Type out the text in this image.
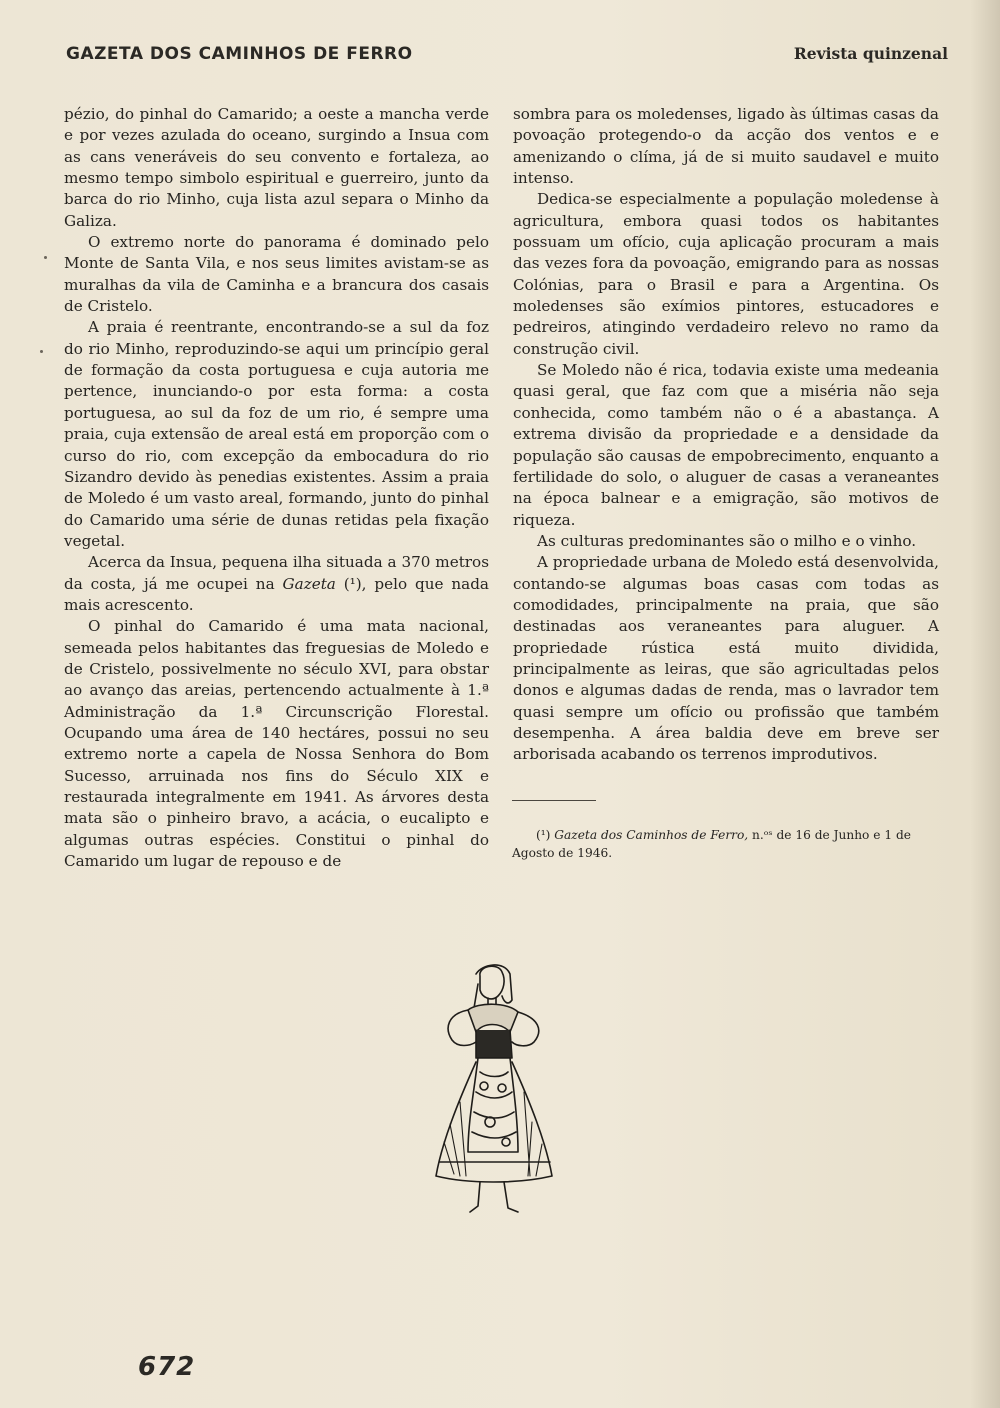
GAZETA DOS CAMINHOS DE FERRO	Revista quinzenal

pézio, do pinhal do Camarido; a oeste a mancha verde e por vezes azulada do oceano, surgindo a Insua com as cans veneráveis do seu convento e fortaleza, ao mesmo tempo simbolo espiritual e guerreiro, junto da barca do rio Minho, cuja lista azul separa o Minho da Galiza.

O extremo norte do panorama é dominado pelo Monte de Santa Vila, e nos seus limites avistam-se as muralhas da vila de Caminha e a brancura dos casais de Cristelo.

A praia é reentrante, encontrando-se a sul da foz do rio Minho, reproduzindo-se aqui um princípio geral de formação da costa portuguesa e cuja autoria me pertence, inunciando-o por esta forma: a costa portuguesa, ao sul da foz de um rio, é sempre uma praia, cuja extensão de areal está em proporção com o curso do rio, com excepção da embocadura do rio Sizandro devido às penedias existentes. Assim a praia de Moledo é um vasto areal, formando, junto do pinhal do Camarido uma série de dunas retidas pela fixação vegetal.

Acerca da Insua, pequena ilha situada a 370 metros da costa, já me ocupei na Gazeta (¹), pelo que nada mais acrescento.

O pinhal do Camarido é uma mata nacional, semeada pelos habitantes das freguesias de Moledo e de Cristelo, possivelmente no século XVI, para obstar ao avanço das areias, pertencendo actualmente à 1.ª Administração da 1.ª Circunscrição Florestal. Ocupando uma área de 140 hectáres, possui no seu extremo norte a capela de Nossa Senhora do Bom Sucesso, arruinada nos fins do Século XIX e restaurada integralmente em 1941. As árvores desta mata são o pinheiro bravo, a acácia, o eucalipto e algumas outras espécies. Constitui o pinhal do Camarido um lugar de repouso e de

sombra para os moledenses, ligado às últimas casas da povoação protegendo-o da acção dos ventos e e amenizando o clíma, já de si muito saudavel e muito intenso.

Dedica-se especialmente a população moledense à agricultura, embora quasi todos os habitantes possuam um ofício, cuja aplicação procuram a mais das vezes fora da povoação, emigrando para as nossas Colónias, para o Brasil e para a Argentina. Os moledenses são exímios pintores, estucadores e pedreiros, atingindo verdadeiro relevo no ramo da construção civil.

Se Moledo não é rica, todavia existe uma medeania quasi geral, que faz com que a miséria não seja conhecida, como também não o é a abastança. A extrema divisão da propriedade e a densidade da população são causas de empobrecimento, enquanto a fertilidade do solo, o aluguer de casas a veraneantes na época balnear e a emigração, são motivos de riqueza.

As culturas predominantes são o milho e o vinho.

A propriedade urbana de Moledo está desenvolvida, contando-se algumas boas casas com todas as comodidades, principalmente na praia, que são destinadas aos veraneantes para aluguer. A propriedade rústica está muito dividida, principalmente as leiras, que são agricultadas pelos donos e algumas dadas de renda, mas o lavrador tem quasi sempre um ofício ou profissão que também desempenha. A área baldia deve em breve ser arborisada acabando os terrenos improdutivos.

(¹) Gazeta dos Caminhos de Ferro, n.ᵒˢ de 16 de Junho e 1 de Agosto de 1946.
672
